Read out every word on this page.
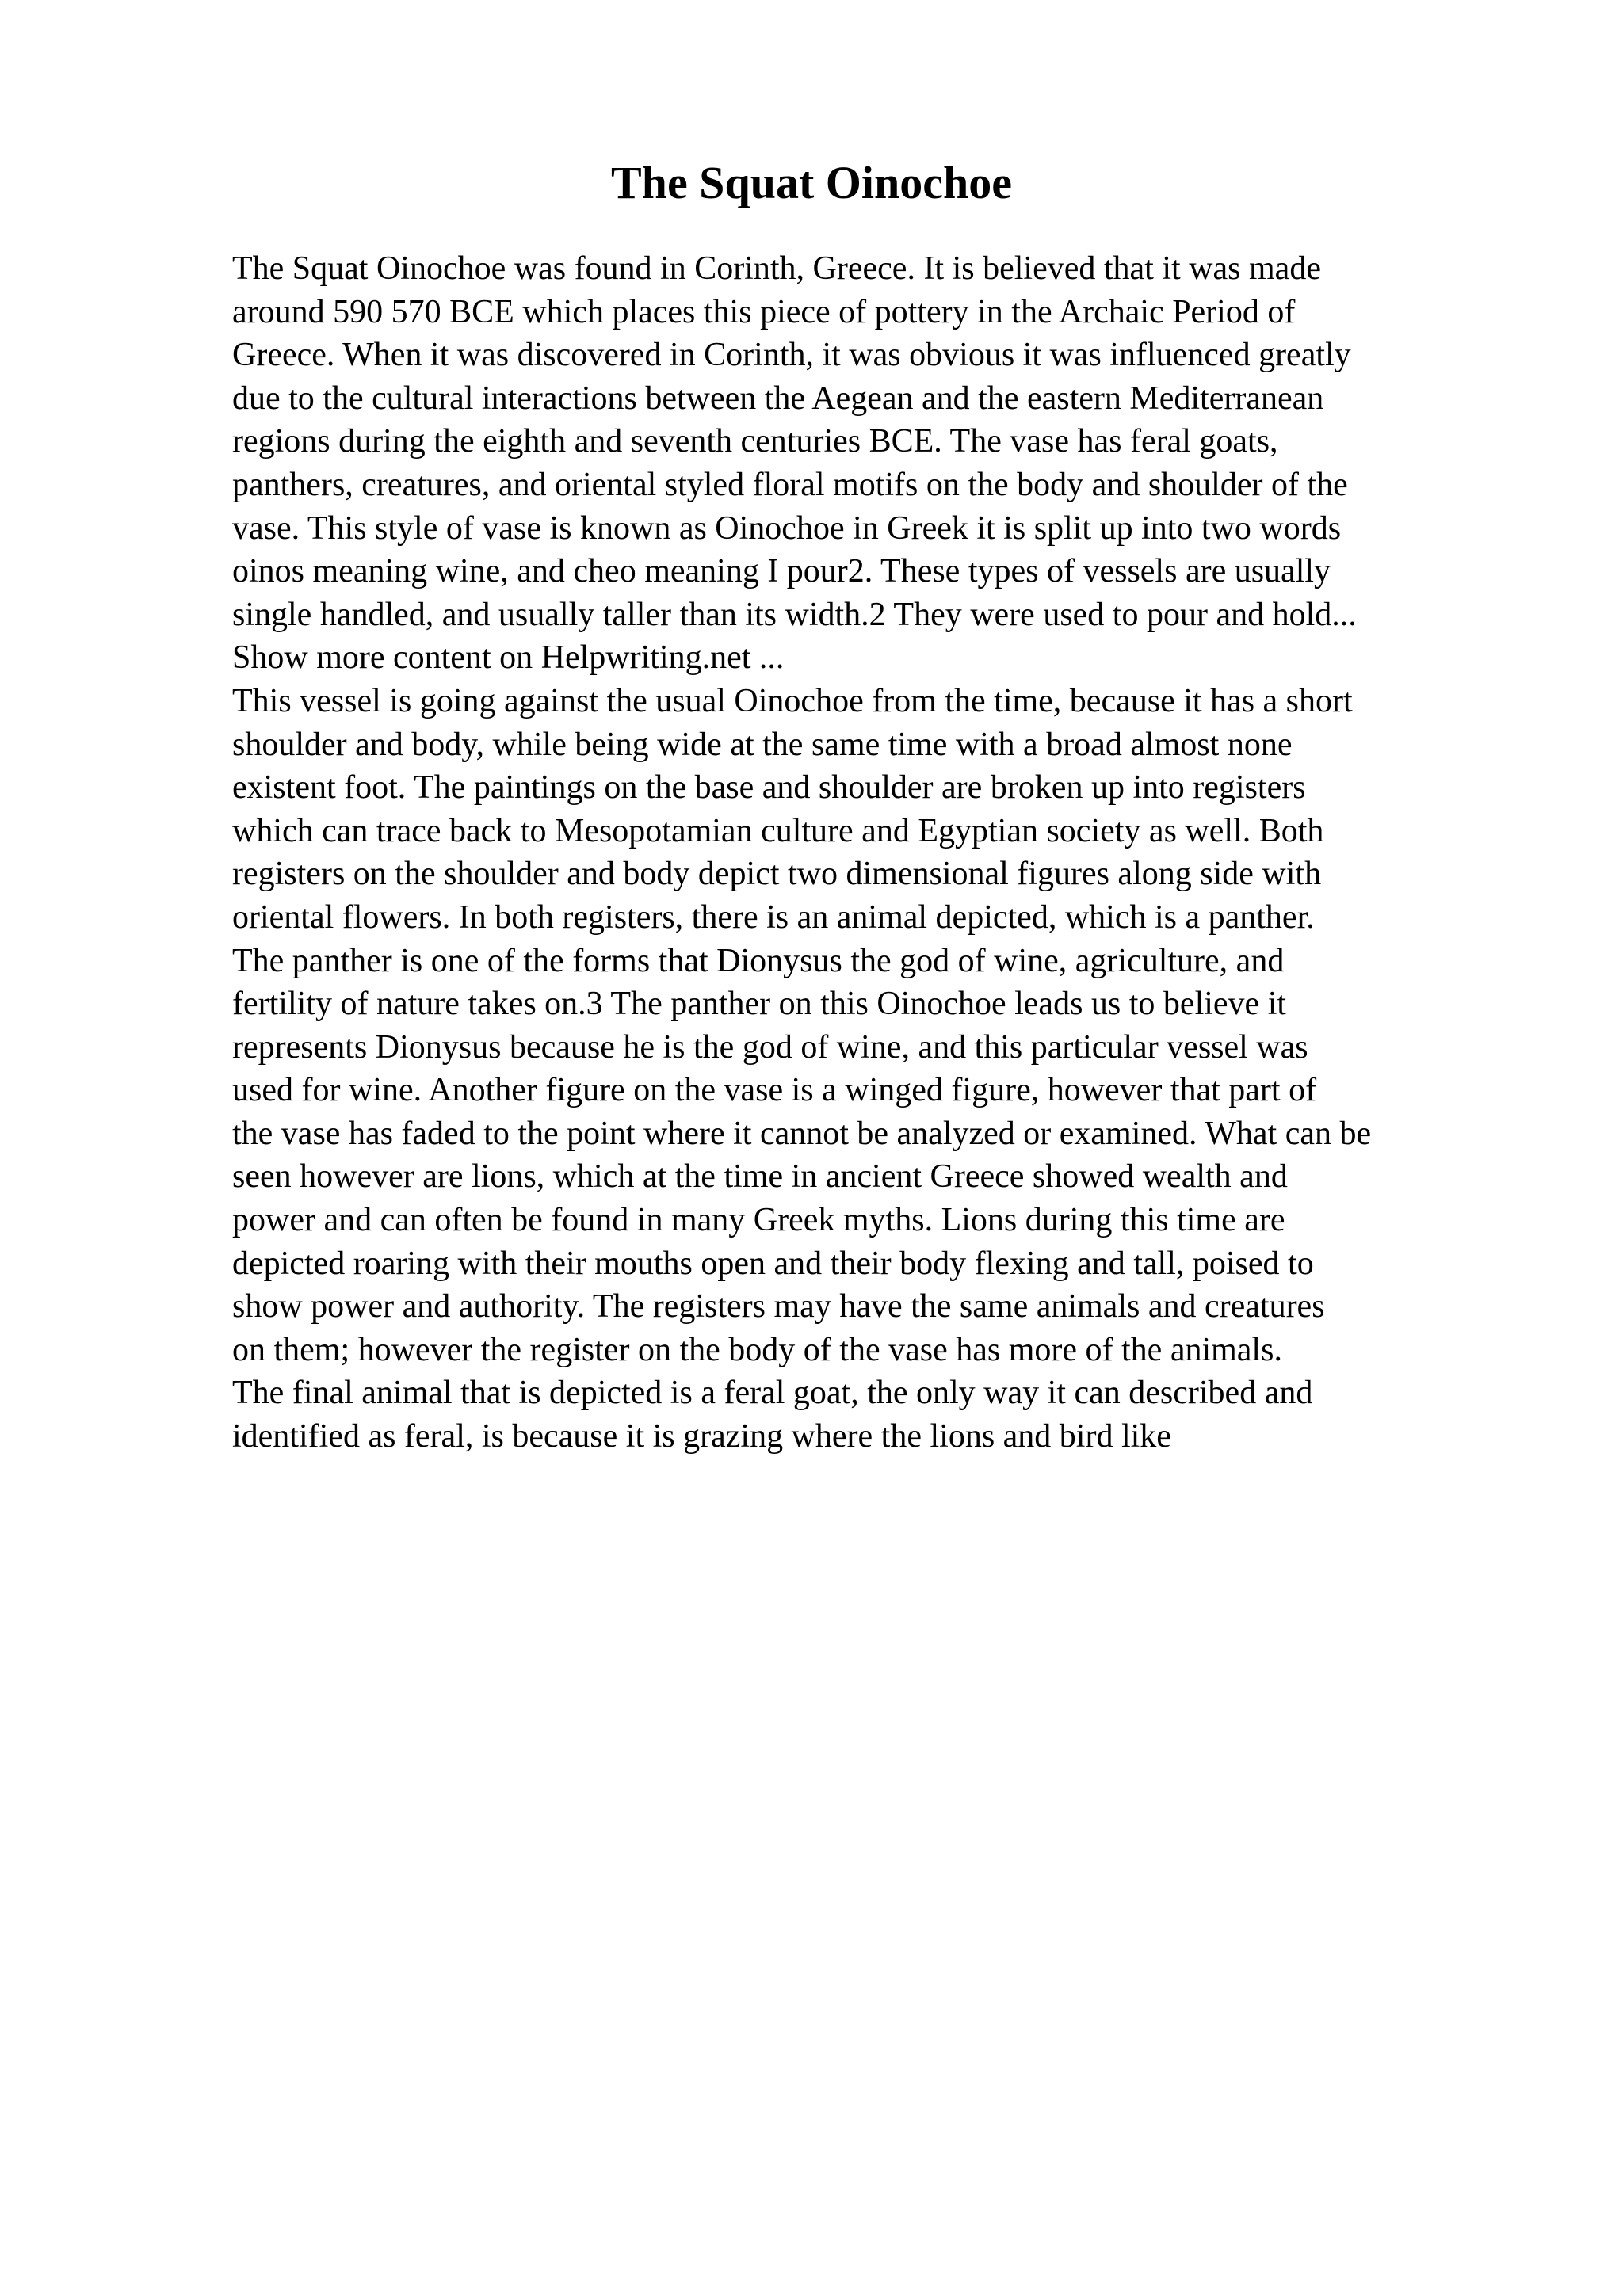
The Squat Oinochoe
The Squat Oinochoe was found in Corinth, Greece. It is believed that it was made
around 590 570 BCE which places this piece of pottery in the Archaic Period of
Greece. When it was discovered in Corinth, it was obvious it was influenced greatly
due to the cultural interactions between the Aegean and the eastern Mediterranean
regions during the eighth and seventh centuries BCE. The vase has feral goats,
panthers, creatures, and oriental styled floral motifs on the body and shoulder of the
vase. This style of vase is known as Oinochoe in Greek it is split up into two words
oinos meaning wine, and cheo meaning I pour2. These types of vessels are usually
single handled, and usually taller than its width.2 They were used to pour and hold...
Show more content on Helpwriting.net ...
This vessel is going against the usual Oinochoe from the time, because it has a short
shoulder and body, while being wide at the same time with a broad almost none
existent foot. The paintings on the base and shoulder are broken up into registers
which can trace back to Mesopotamian culture and Egyptian society as well. Both
registers on the shoulder and body depict two dimensional figures along side with
oriental flowers. In both registers, there is an animal depicted, which is a panther.
The panther is one of the forms that Dionysus the god of wine, agriculture, and
fertility of nature takes on.3 The panther on this Oinochoe leads us to believe it
represents Dionysus because he is the god of wine, and this particular vessel was
used for wine. Another figure on the vase is a winged figure, however that part of
the vase has faded to the point where it cannot be analyzed or examined. What can be
seen however are lions, which at the time in ancient Greece showed wealth and
power and can often be found in many Greek myths. Lions during this time are
depicted roaring with their mouths open and their body flexing and tall, poised to
show power and authority. The registers may have the same animals and creatures
on them; however the register on the body of the vase has more of the animals.
The final animal that is depicted is a feral goat, the only way it can described and
identified as feral, is because it is grazing where the lions and bird like
